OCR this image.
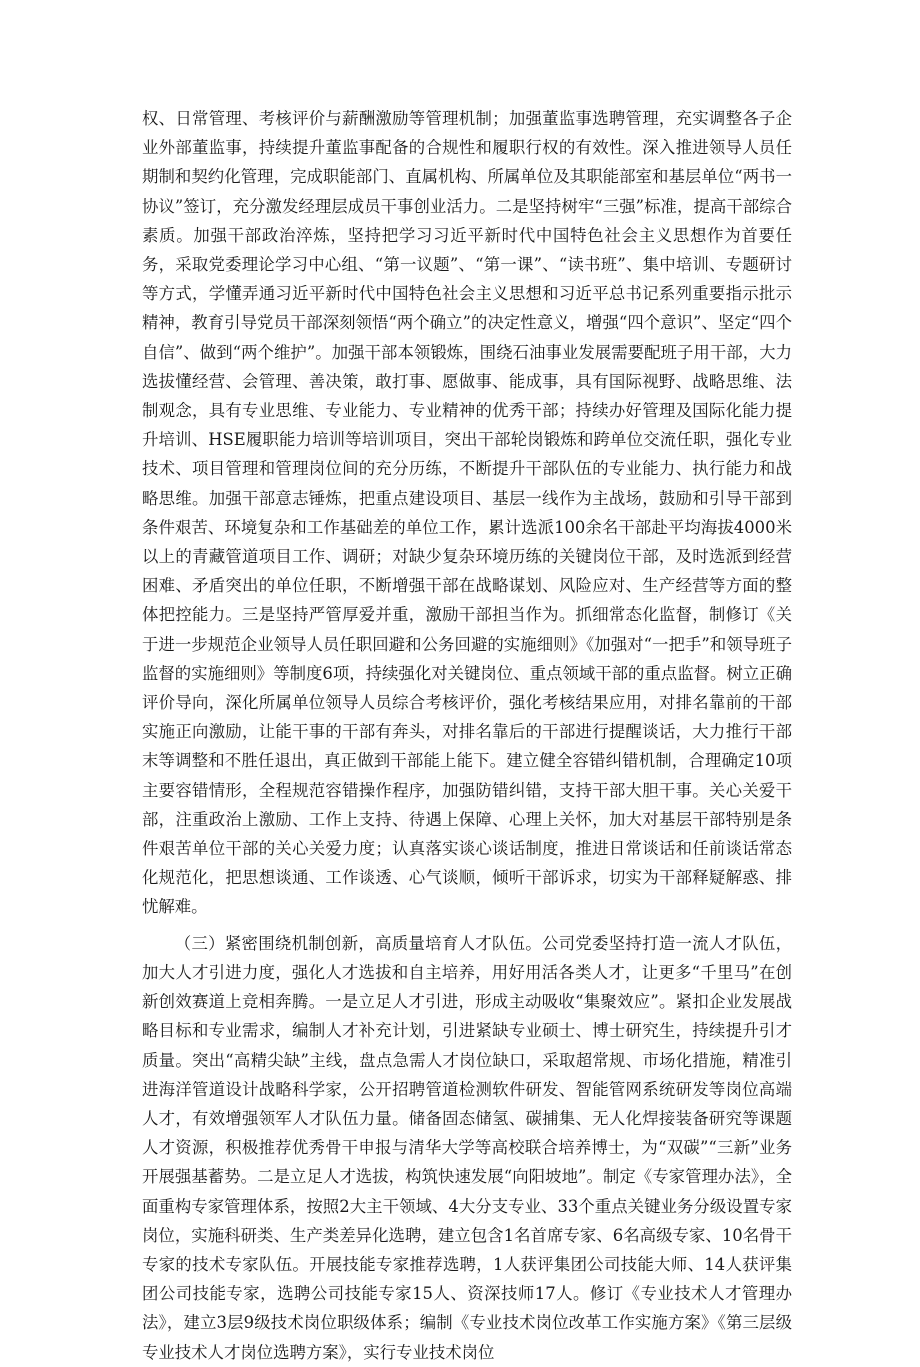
权、日常管理、考核评价与薪酬激励等管理机制；加强董监事选聘管理，充实调整各子企业外部董监事，持续提升董监事配备的合规性和履职行权的有效性。深入推进领导人员任期制和契约化管理，完成职能部门、直属机构、所属单位及其职能部室和基层单位“两书一协议”签订，充分激发经理层成员干事创业活力。二是坚持树牢“三强”标准，提高干部综合素质。加强干部政治淬炼，坚持把学习习近平新时代中国特色社会主义思想作为首要任务，采取党委理论学习中心组、“第一议题”、“第一课”、“读书班”、集中培训、专题研讨等方式，学懂弄通习近平新时代中国特色社会主义思想和习近平总书记系列重要指示批示精神，教育引导党员干部深刻领悟“两个确立”的决定性意义，增强“四个意识”、坚定“四个自信”、做到“两个维护”。加强干部本领锻炼，围绕石油事业发展需要配班子用干部，大力选拔懂经营、会管理、善决策，敢打事、愿做事、能成事，具有国际视野、战略思维、法制观念，具有专业思维、专业能力、专业精神的优秀干部；持续办好管理及国际化能力提升培训、HSE履职能力培训等培训项目，突出干部轮岗锻炼和跨单位交流任职，强化专业技术、项目管理和管理岗位间的充分历练，不断提升干部队伍的专业能力、执行能力和战略思维。加强干部意志锤炼，把重点建设项目、基层一线作为主战场，鼓励和引导干部到条件艰苦、环境复杂和工作基础差的单位工作，累计选派100余名干部赴平均海拔4000米以上的青藏管道项目工作、调研；对缺少复杂环境历练的关键岗位干部，及时选派到经营困难、矛盾突出的单位任职，不断增强干部在战略谋划、风险应对、生产经营等方面的整体把控能力。三是坚持严管厚爱并重，激励干部担当作为。抓细常态化监督，制修订《关于进一步规范企业领导人员任职回避和公务回避的实施细则》《加强对“一把手”和领导班子监督的实施细则》等制度6项，持续强化对关键岗位、重点领域干部的重点监督。树立正确评价导向，深化所属单位领导人员综合考核评价，强化考核结果应用，对排名靠前的干部实施正向激励，让能干事的干部有奔头，对排名靠后的干部进行提醒谈话，大力推行干部末等调整和不胜任退出，真正做到干部能上能下。建立健全容错纠错机制，合理确定10项主要容错情形，全程规范容错操作程序，加强防错纠错，支持干部大胆干事。关心关爱干部，注重政治上激励、工作上支持、待遇上保障、心理上关怀，加大对基层干部特别是条件艰苦单位干部的关心关爱力度；认真落实谈心谈话制度，推进日常谈话和任前谈话常态化规范化，把思想谈通、工作谈透、心气谈顺，倾听干部诉求，切实为干部释疑解惑、排忧解难。

（三）紧密围绕机制创新，高质量培育人才队伍。公司党委坚持打造一流人才队伍，加大人才引进力度，强化人才选拔和自主培养，用好用活各类人才，让更多“千里马”在创新创效赛道上竞相奔腾。一是立足人才引进，形成主动吸收“集聚效应”。紧扣企业发展战略目标和专业需求，编制人才补充计划，引进紧缺专业硕士、博士研究生，持续提升引才质量。突出“高精尖缺”主线，盘点急需人才岗位缺口，采取超常规、市场化措施，精准引进海洋管道设计战略科学家，公开招聘管道检测软件研发、智能管网系统研发等岗位高端人才，有效增强领军人才队伍力量。储备固态储氢、碳捕集、无人化焊接装备研究等课题人才资源，积极推荐优秀骨干申报与清华大学等高校联合培养博士，为“双碳”“三新”业务开展强基蓄势。二是立足人才选拔，构筑快速发展“向阳坡地”。制定《专家管理办法》，全面重构专家管理体系，按照2大主干领域、4大分支专业、33个重点关键业务分级设置专家岗位，实施科研类、生产类差异化选聘，建立包含1名首席专家、6名高级专家、10名骨干专家的技术专家队伍。开展技能专家推荐选聘，1人获评集团公司技能大师、14人获评集团公司技能专家，选聘公司技能专家15人、资深技师17人。修订《专业技术人才管理办法》，建立3层9级技术岗位职级体系；编制《专业技术岗位改革工作实施方案》《第三层级专业技术人才岗位选聘方案》，实行专业技术岗位
